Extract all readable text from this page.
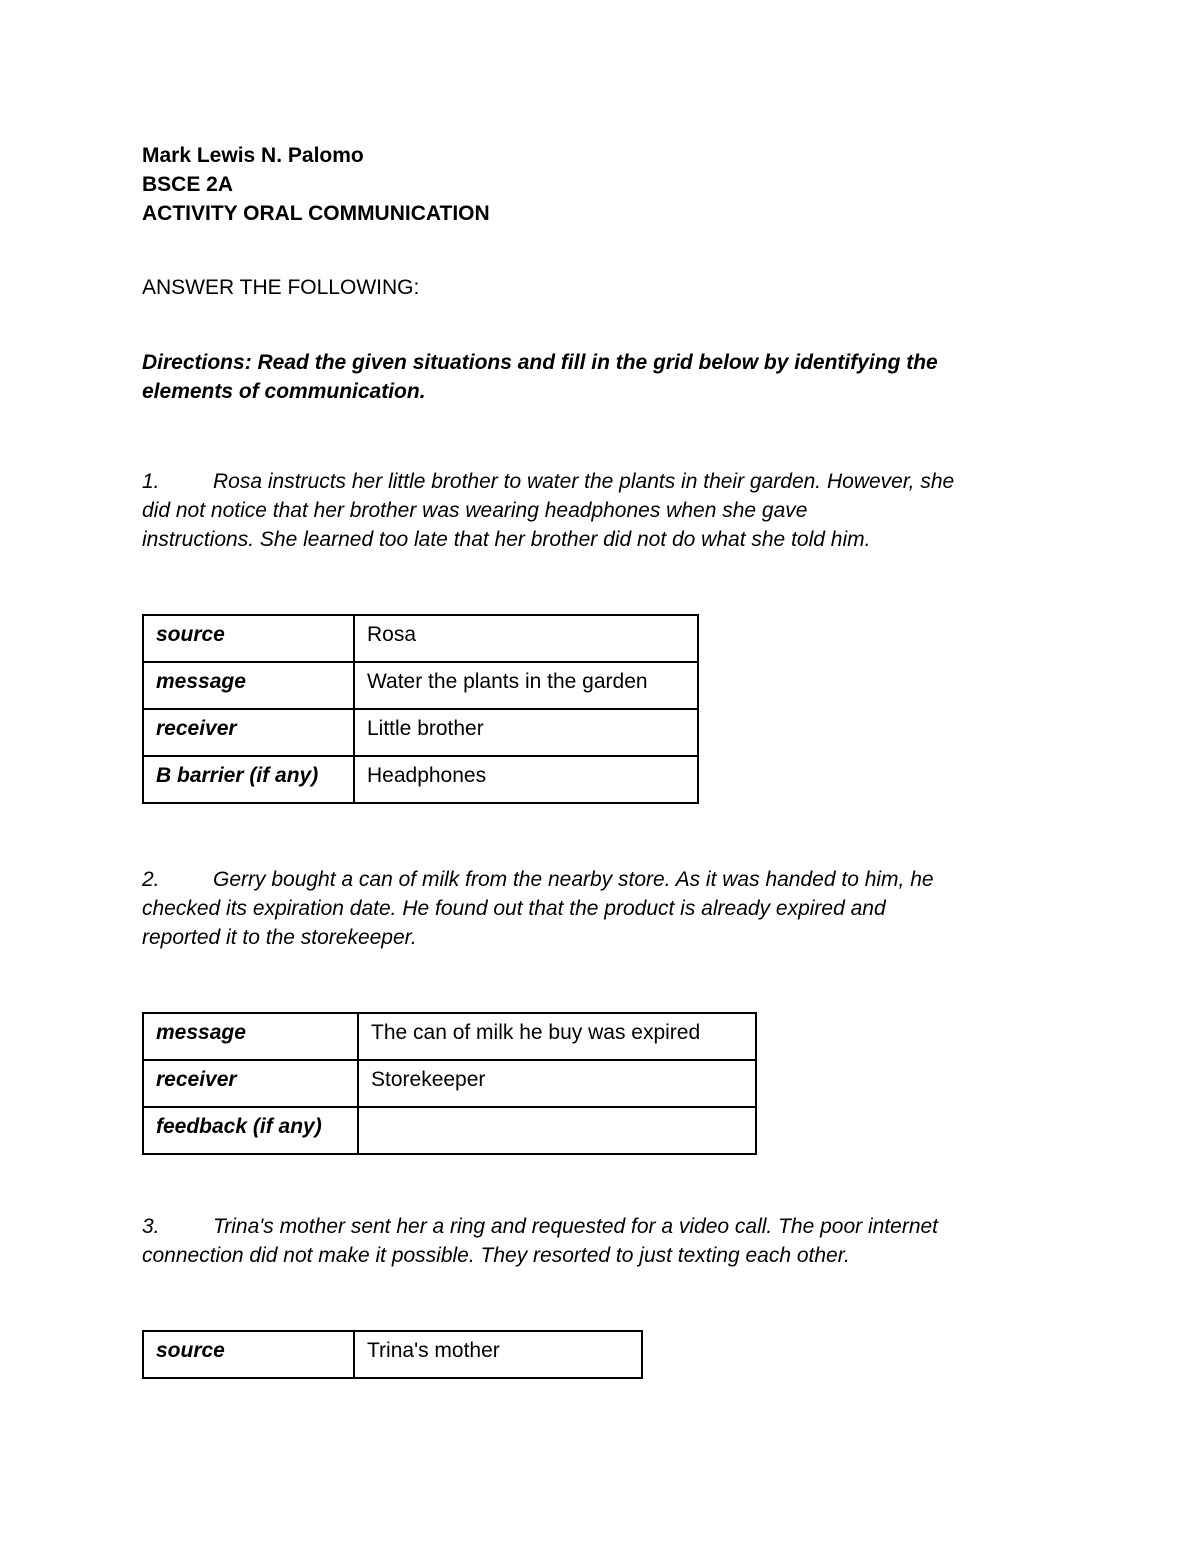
Mark Lewis N. Palomo
BSCE 2A
ACTIVITY ORAL COMMUNICATION
ANSWER THE FOLLOWING:
Directions: Read the given situations and fill in the grid below by identifying the
elements of communication.
1.	Rosa instructs her little brother to water the plants in their garden. However, she
did not notice that her brother was wearing headphones when she gave
instructions. She learned too late that her brother did not do what she told him.
source	Rosa
message	Water the plants in the garden
receiver	Little brother
B barrier (if any)	Headphones
2.	Gerry bought a can of milk from the nearby store. As it was handed to him, he
checked its expiration date. He found out that the product is already expired and
reported it to the storekeeper.
message	The can of milk he buy was expired
receiver	Storekeeper
feedback (if any)	
3.	Trina's mother sent her a ring and requested for a video call. The poor internet
connection did not make it possible. They resorted to just texting each other.
source	Trina's mother
